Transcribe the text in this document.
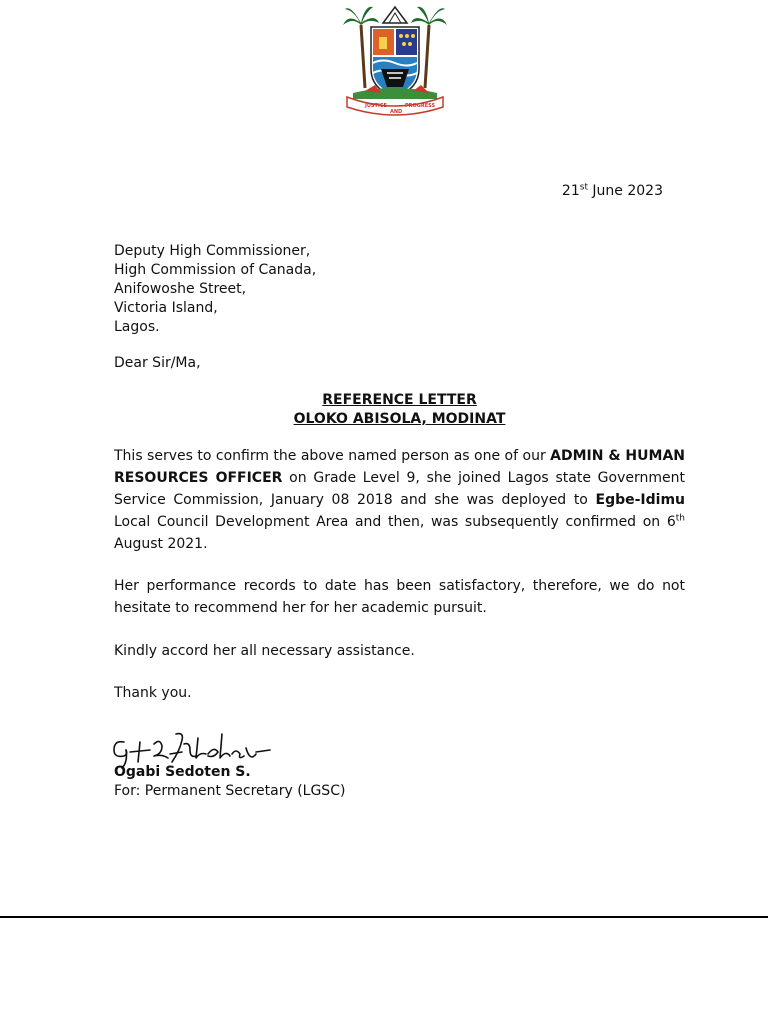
JUSTICE
AND
PROGRESS
21st June 2023
Deputy High Commissioner,
High Commission of Canada,
Anifowoshe Street,
Victoria Island,
Lagos.
Dear Sir/Ma,
REFERENCE LETTER
OLOKO ABISOLA, MODINAT
This serves to confirm the above named person as one of our ADMIN & HUMAN RESOURCES OFFICER on Grade Level 9, she joined Lagos state Government Service Commission, January 08 2018 and she was deployed to Egbe-Idimu Local Council Development Area and then, was subsequently confirmed on 6th August 2021.
Her performance records to date has been satisfactory, therefore, we do not hesitate to recommend her for her academic pursuit.
Kindly accord her all necessary assistance.
Thank you.
Ogabi Sedoten S.
For: Permanent Secretary (LGSC)
